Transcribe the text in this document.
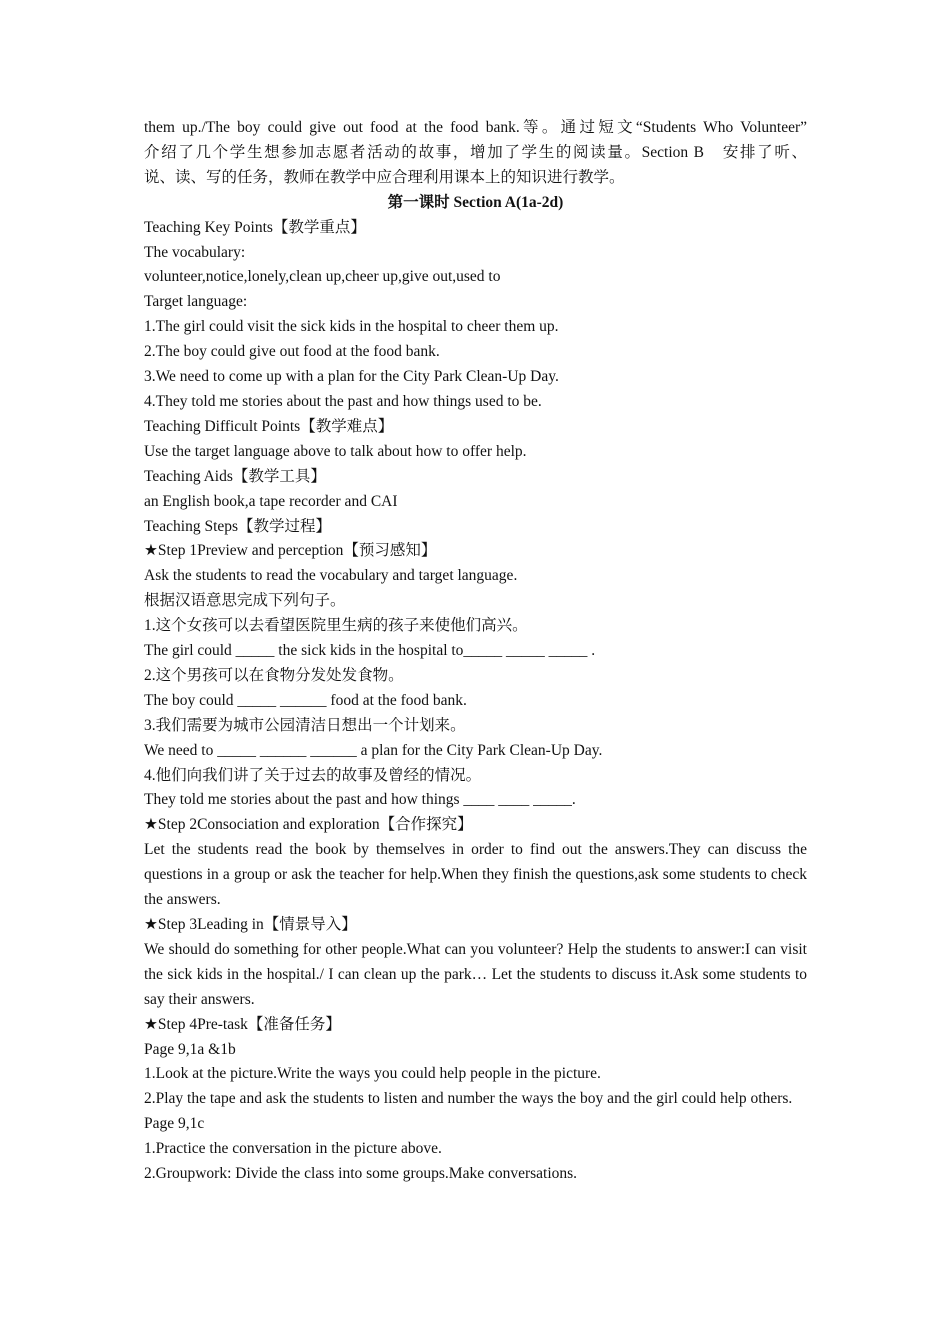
them up./The boy could give out food at the food bank.等。通过短文“Students Who Volunteer”
介绍了几个学生想参加志愿者活动的故事，增加了学生的阅读量。Section B　安排了听、
说、读、写的任务，教师在教学中应合理利用课本上的知识进行教学。
第一课时 Section A(1a-2d)
Teaching Key Points【教学重点】
The vocabulary:
volunteer,notice,lonely,clean up,cheer up,give out,used to
Target language:
1.The girl could visit the sick kids in the hospital to cheer them up.
2.The boy could give out food at the food bank.
3.We need to come up with a plan for the City Park Clean-Up Day.
4.They told me stories about the past and how things used to be.
Teaching Difficult Points【教学难点】
Use the target language above to talk about how to offer help.
Teaching Aids【教学工具】
an English book,a tape recorder and CAI
Teaching Steps【教学过程】
★Step 1Preview and perception【预习感知】
Ask the students to read the vocabulary and target language.
根据汉语意思完成下列句子。
1.这个女孩可以去看望医院里生病的孩子来使他们高兴。
The girl could _____ the sick kids in the hospital to_____ _____ _____ .
2.这个男孩可以在食物分发处发食物。
The boy could _____ ______ food at the food bank.
3.我们需要为城市公园清洁日想出一个计划来。
We need to _____ ______ ______ a plan for the City Park Clean-Up Day.
4.他们向我们讲了关于过去的故事及曾经的情况。
They told me stories about the past and how things ____ ____ _____.
★Step 2Consociation and exploration【合作探究】
Let the students read the book by themselves in order to find out the answers.They can discuss the questions in a group or ask the teacher for help.When they finish the questions,ask some students to check the answers.
★Step 3Leading in【情景导入】
We should do something for other people.What can you volunteer? Help the students to answer:I can visit the sick kids in the hospital./ I can clean up the park… Let the students to discuss it.Ask some students to say their answers.
★Step 4Pre-task【准备任务】
Page 9,1a &1b
1.Look at the picture.Write the ways you could help people in the picture.
2.Play the tape and ask the students to listen and number the ways the boy and the girl could help others.
Page 9,1c
1.Practice the conversation in the picture above.
2.Groupwork: Divide the class into some groups.Make conversations.
